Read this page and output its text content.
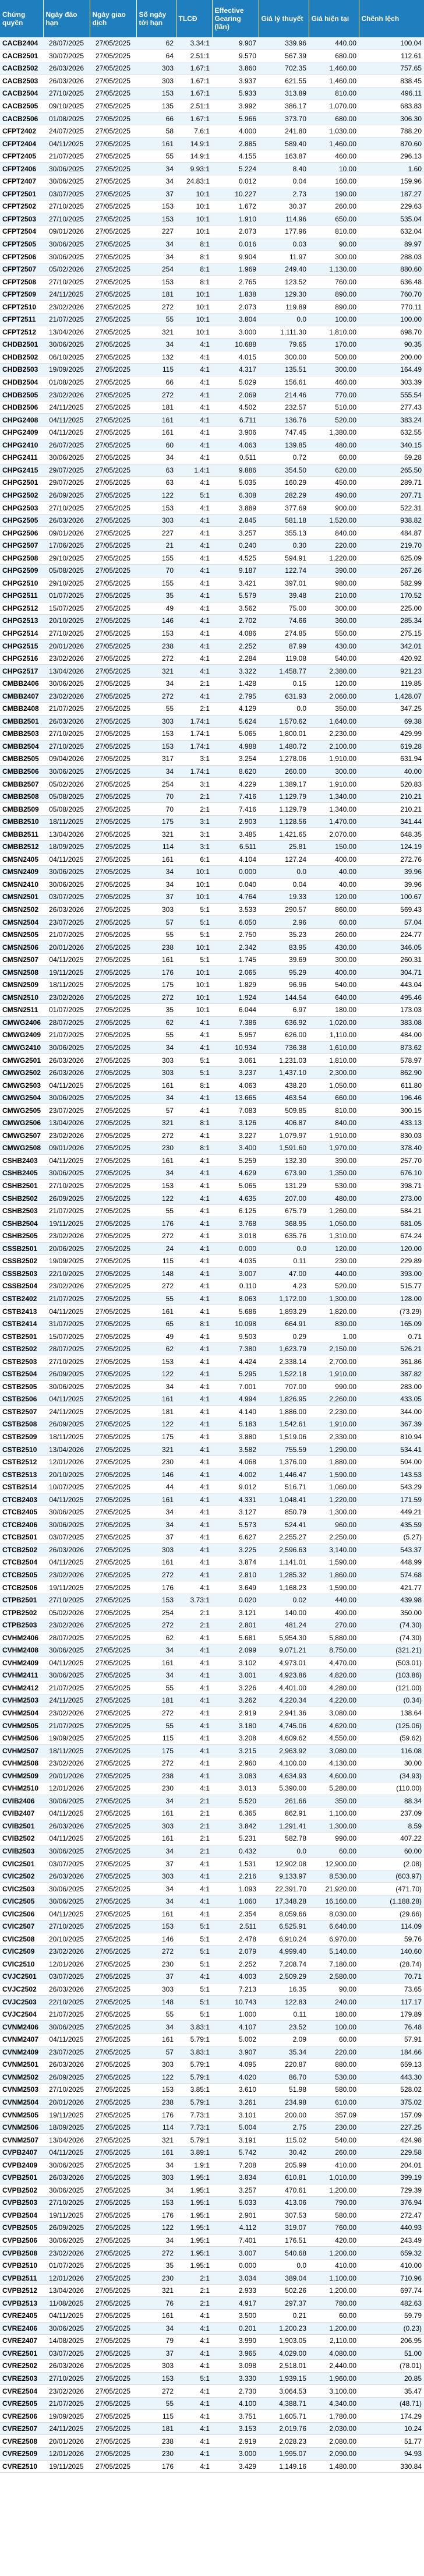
Chứng quyền	Ngày đáo hạn	Ngày giao dịch	Số ngày tới hạn	TLCĐ	Effective Gearing (lần)	Giá lý thuyết	Giá hiện tại	Chênh lệch
CACB2404	28/07/2025	27/05/2025	62	3.34:1	9.907	339.96	440.00	100.04
CACB2501	30/07/2025	27/05/2025	64	2.51:1	9.570	567.39	680.00	112.61
CACB2502	26/03/2026	27/05/2025	303	1.67:1	3.860	702.35	1,460.00	757.65
CACB2503	26/03/2026	27/05/2025	303	1.67:1	3.937	621.55	1,460.00	838.45
CACB2504	27/10/2025	27/05/2025	153	1.67:1	5.933	313.89	810.00	496.11
CACB2505	09/10/2025	27/05/2025	135	2.51:1	3.992	386.17	1,070.00	683.83
CACB2506	01/08/2025	27/05/2025	66	1.67:1	5.966	373.70	680.00	306.30
CFPT2402	24/07/2025	27/05/2025	58	7.6:1	4.000	241.80	1,030.00	788.20
CFPT2404	04/11/2025	27/05/2025	161	14.9:1	2.885	589.40	1,460.00	870.60
CFPT2405	21/07/2025	27/05/2025	55	14.9:1	4.155	163.87	460.00	296.13
CFPT2406	30/06/2025	27/05/2025	34	9.93:1	5.224	8.40	10.00	1.60
CFPT2407	30/06/2025	27/05/2025	34	24.83:1	0.012	0.04	160.00	159.96
CFPT2501	03/07/2025	27/05/2025	37	10:1	10.227	2.73	190.00	187.27
CFPT2502	27/10/2025	27/05/2025	153	10:1	1.672	30.37	260.00	229.63
CFPT2503	27/10/2025	27/05/2025	153	10:1	1.910	114.96	650.00	535.04
CFPT2504	09/01/2026	27/05/2025	227	10:1	2.073	177.96	810.00	632.04
CFPT2505	30/06/2025	27/05/2025	34	8:1	0.016	0.03	90.00	89.97
CFPT2506	30/06/2025	27/05/2025	34	8:1	9.904	11.97	300.00	288.03
CFPT2507	05/02/2026	27/05/2025	254	8:1	1.969	249.40	1,130.00	880.60
CFPT2508	27/10/2025	27/05/2025	153	8:1	2.765	123.52	760.00	636.48
CFPT2509	24/11/2025	27/05/2025	181	10:1	1.838	129.30	890.00	760.70
CFPT2510	23/02/2026	27/05/2025	272	10:1	2.073	119.89	890.00	770.11
CFPT2511	21/07/2025	27/05/2025	55	10:1	3.804	0.0	100.00	100.00
CFPT2512	13/04/2026	27/05/2025	321	10:1	3.000	1,111.30	1,810.00	698.70
CHDB2501	30/06/2025	27/05/2025	34	4:1	10.688	79.65	170.00	90.35
CHDB2502	06/10/2025	27/05/2025	132	4:1	4.015	300.00	500.00	200.00
CHDB2503	19/09/2025	27/05/2025	115	4:1	4.317	135.51	300.00	164.49
CHDB2504	01/08/2025	27/05/2025	66	4:1	5.029	156.61	460.00	303.39
CHDB2505	23/02/2026	27/05/2025	272	4:1	2.069	214.46	770.00	555.54
CHDB2506	24/11/2025	27/05/2025	181	4:1	4.502	232.57	510.00	277.43
CHPG2408	04/11/2025	27/05/2025	161	4:1	6.711	136.76	520.00	383.24
CHPG2409	04/11/2025	27/05/2025	161	4:1	3.906	747.45	1,380.00	632.55
CHPG2410	26/07/2025	27/05/2025	60	4:1	4.063	139.85	480.00	340.15
CHPG2411	30/06/2025	27/05/2025	34	4:1	0.511	0.72	60.00	59.28
CHPG2415	29/07/2025	27/05/2025	63	1.4:1	9.886	354.50	620.00	265.50
CHPG2501	29/07/2025	27/05/2025	63	4:1	5.035	160.29	450.00	289.71
CHPG2502	26/09/2025	27/05/2025	122	5:1	6.308	282.29	490.00	207.71
CHPG2503	27/10/2025	27/05/2025	153	4:1	3.889	377.69	900.00	522.31
CHPG2505	26/03/2026	27/05/2025	303	4:1	2.845	581.18	1,520.00	938.82
CHPG2506	09/01/2026	27/05/2025	227	4:1	3.257	355.13	840.00	484.87
CHPG2507	17/06/2025	27/05/2025	21	4:1	0.240	0.30	220.00	219.70
CHPG2508	29/10/2025	27/05/2025	155	4:1	4.525	594.91	1,220.00	625.09
CHPG2509	05/08/2025	27/05/2025	70	4:1	9.187	122.74	390.00	267.26
CHPG2510	29/10/2025	27/05/2025	155	4:1	3.421	397.01	980.00	582.99
CHPG2511	01/07/2025	27/05/2025	35	4:1	5.579	39.48	210.00	170.52
CHPG2512	15/07/2025	27/05/2025	49	4:1	3.562	75.00	300.00	225.00
CHPG2513	20/10/2025	27/05/2025	146	4:1	2.702	74.66	360.00	285.34
CHPG2514	27/10/2025	27/05/2025	153	4:1	4.086	274.85	550.00	275.15
CHPG2515	20/01/2026	27/05/2025	238	4:1	2.252	87.99	430.00	342.01
CHPG2516	23/02/2026	27/05/2025	272	4:1	2.284	119.08	540.00	420.92
CHPG2517	13/04/2026	27/05/2025	321	4:1	3.322	1,458.77	2,380.00	921.23
CMBB2406	30/06/2025	27/05/2025	34	2:1	1.428	0.15	120.00	119.85
CMBB2407	23/02/2026	27/05/2025	272	4:1	2.795	631.93	2,060.00	1,428.07
CMBB2408	21/07/2025	27/05/2025	55	2:1	4.129	0.0	350.00	347.25
CMBB2501	26/03/2026	27/05/2025	303	1.74:1	5.624	1,570.62	1,640.00	69.38
CMBB2503	27/10/2025	27/05/2025	153	1.74:1	5.065	1,800.01	2,230.00	429.99
CMBB2504	27/10/2025	27/05/2025	153	1.74:1	4.988	1,480.72	2,100.00	619.28
CMBB2505	09/04/2026	27/05/2025	317	3:1	3.254	1,278.06	1,910.00	631.94
CMBB2506	30/06/2025	27/05/2025	34	1.74:1	8.620	260.00	300.00	40.00
CMBB2507	05/02/2026	27/05/2025	254	3:1	4.229	1,389.17	1,910.00	520.83
CMBB2508	05/08/2025	27/05/2025	70	2:1	7.416	1,129.79	1,340.00	210.21
CMBB2509	05/08/2025	27/05/2025	70	2:1	7.416	1,129.79	1,340.00	210.21
CMBB2510	18/11/2025	27/05/2025	175	3:1	2.903	1,128.56	1,470.00	341.44
CMBB2511	13/04/2026	27/05/2025	321	3:1	3.485	1,421.65	2,070.00	648.35
CMBB2512	18/09/2025	27/05/2025	114	3:1	6.511	25.81	150.00	124.19
CMSN2405	04/11/2025	27/05/2025	161	6:1	4.104	127.24	400.00	272.76
CMSN2409	30/06/2025	27/05/2025	34	10:1	0.000	0.0	40.00	39.96
CMSN2410	30/06/2025	27/05/2025	34	10:1	0.040	0.04	40.00	39.96
CMSN2501	03/07/2025	27/05/2025	37	10:1	4.764	19.33	120.00	100.67
CMSN2502	26/03/2026	27/05/2025	303	5:1	3.533	290.57	860.00	569.43
CMSN2504	23/07/2025	27/05/2025	57	5:1	6.050	2.96	60.00	57.04
CMSN2505	21/07/2025	27/05/2025	55	5:1	2.750	35.23	260.00	224.77
CMSN2506	20/01/2026	27/05/2025	238	10:1	2.342	83.95	430.00	346.05
CMSN2507	04/11/2025	27/05/2025	161	5:1	1.745	39.69	300.00	260.31
CMSN2508	19/11/2025	27/05/2025	176	10:1	2.065	95.29	400.00	304.71
CMSN2509	18/11/2025	27/05/2025	175	10:1	1.829	96.96	540.00	443.04
CMSN2510	23/02/2026	27/05/2025	272	10:1	1.924	144.54	640.00	495.46
CMSN2511	01/07/2025	27/05/2025	35	10:1	6.044	6.97	180.00	173.03
CMWG2406	28/07/2025	27/05/2025	62	4:1	7.386	636.92	1,020.00	383.08
CMWG2409	21/07/2025	27/05/2025	55	4:1	5.957	626.00	1,110.00	484.00
CMWG2410	30/06/2025	27/05/2025	34	4:1	10.934	736.38	1,610.00	873.62
CMWG2501	26/03/2026	27/05/2025	303	5:1	3.061	1,231.03	1,810.00	578.97
CMWG2502	26/03/2026	27/05/2025	303	5:1	3.237	1,437.10	2,300.00	862.90
CMWG2503	04/11/2025	27/05/2025	161	8:1	4.063	438.20	1,050.00	611.80
CMWG2504	30/06/2025	27/05/2025	34	4:1	13.665	463.54	660.00	196.46
CMWG2505	23/07/2025	27/05/2025	57	4:1	7.083	509.85	810.00	300.15
CMWG2506	13/04/2026	27/05/2025	321	8:1	3.126	406.87	840.00	433.13
CMWG2507	23/02/2026	27/05/2025	272	4:1	3.227	1,079.97	1,910.00	830.03
CMWG2508	09/01/2026	27/05/2025	230	8:1	3.400	1,591.60	1,970.00	378.40
CSHB2403	04/11/2025	27/05/2025	161	4:1	5.259	132.30	390.00	257.70
CSHB2405	30/06/2025	27/05/2025	34	4:1	4.629	673.90	1,350.00	676.10
CSHB2501	27/10/2025	27/05/2025	153	4:1	5.065	131.29	530.00	398.71
CSHB2502	26/09/2025	27/05/2025	122	4:1	4.635	207.00	480.00	273.00
CSHB2503	21/07/2025	27/05/2025	55	4:1	6.125	675.79	1,260.00	584.21
CSHB2504	19/11/2025	27/05/2025	176	4:1	3.768	368.95	1,050.00	681.05
CSHB2505	23/02/2026	27/05/2025	272	4:1	3.018	635.76	1,310.00	674.24
CSSB2501	20/06/2025	27/05/2025	24	4:1	0.000	0.0	120.00	120.00
CSSB2502	19/09/2025	27/05/2025	115	4:1	4.035	0.11	230.00	229.89
CSSB2503	22/10/2025	27/05/2025	148	4:1	3.007	47.00	440.00	393.00
CSSB2504	23/02/2026	27/05/2025	272	4:1	0.110	4.23	520.00	515.77
CSTB2402	21/07/2025	27/05/2025	55	4:1	8.063	1,172.00	1,300.00	128.00
CSTB2413	04/11/2025	27/05/2025	161	4:1	5.686	1,893.29	1,820.00	(73.29)
CSTB2414	31/07/2025	27/05/2025	65	8:1	10.098	664.91	830.00	165.09
CSTB2501	15/07/2025	27/05/2025	49	4:1	9.503	0.29	1.00	0.71
CSTB2502	28/07/2025	27/05/2025	62	4:1	7.380	1,623.79	2,150.00	526.21
CSTB2503	27/10/2025	27/05/2025	153	4:1	4.424	2,338.14	2,700.00	361.86
CSTB2504	26/09/2025	27/05/2025	122	4:1	5.295	1,522.18	1,910.00	387.82
CSTB2505	30/06/2025	27/05/2025	34	4:1	7.001	707.00	990.00	283.00
CSTB2506	04/11/2025	27/05/2025	161	4:1	4.994	1,826.95	2,260.00	433.05
CSTB2507	24/11/2025	27/05/2025	181	4:1	4.140	1,886.00	2,230.00	344.00
CSTB2508	26/09/2025	27/05/2025	122	4:1	5.183	1,542.61	1,910.00	367.39
CSTB2509	18/11/2025	27/05/2025	175	4:1	3.880	1,519.06	2,330.00	810.94
CSTB2510	13/04/2026	27/05/2025	321	4:1	3.582	755.59	1,290.00	534.41
CSTB2512	12/01/2026	27/05/2025	230	4:1	4.068	1,376.00	1,880.00	504.00
CSTB2513	20/10/2025	27/05/2025	146	4:1	4.002	1,446.47	1,590.00	143.53
CSTB2514	10/07/2025	27/05/2025	44	4:1	9.012	516.71	1,060.00	543.29
CTCB2403	04/11/2025	27/05/2025	161	4:1	4.331	1,048.41	1,220.00	171.59
CTCB2405	30/06/2025	27/05/2025	34	4:1	3.127	850.79	1,300.00	449.21
CTCB2406	30/06/2025	27/05/2025	34	4:1	5.573	524.41	960.00	435.59
CTCB2501	03/07/2025	27/05/2025	37	4:1	6.627	2,255.27	2,250.00	(5.27)
CTCB2502	26/03/2026	27/05/2025	303	4:1	3.225	2,596.63	3,140.00	543.37
CTCB2504	04/11/2025	27/05/2025	161	4:1	3.874	1,141.01	1,590.00	448.99
CTCB2505	23/02/2026	27/05/2025	272	4:1	2.810	1,285.32	1,860.00	574.68
CTCB2506	19/11/2025	27/05/2025	176	4:1	3.649	1,168.23	1,590.00	421.77
CTPB2501	27/10/2025	27/05/2025	153	3.73:1	0.020	0.02	440.00	439.98
CTPB2502	05/02/2026	27/05/2025	254	2:1	3.121	140.00	490.00	350.00
CTPB2503	23/02/2026	27/05/2025	272	2:1	2.801	481.24	270.00	(74.30)
CVHM2406	28/07/2025	27/05/2025	62	4:1	5.681	5,954.30	5,880.00	(74.30)
CVHM2408	30/06/2025	27/05/2025	34	4:1	2.099	9,071.21	8,750.00	(321.21)
CVHM2409	04/11/2025	27/05/2025	161	4:1	3.102	4,973.01	4,470.00	(503.01)
CVHM2411	30/06/2025	27/05/2025	34	4:1	3.001	4,923.86	4,820.00	(103.86)
CVHM2412	21/07/2025	27/05/2025	55	4:1	3.226	4,401.00	4,280.00	(121.00)
CVHM2503	24/11/2025	27/05/2025	181	4:1	3.262	4,220.34	4,220.00	(0.34)
CVHM2504	23/02/2026	27/05/2025	272	4:1	2.919	2,941.36	3,080.00	138.64
CVHM2505	21/07/2025	27/05/2025	55	4:1	3.180	4,745.06	4,620.00	(125.06)
CVHM2506	19/09/2025	27/05/2025	115	4:1	3.208	4,609.62	4,550.00	(59.62)
CVHM2507	18/11/2025	27/05/2025	175	4:1	3.215	2,963.92	3,080.00	116.08
CVHM2508	23/02/2026	27/05/2025	272	4:1	2.960	4,100.00	4,130.00	30.00
CVHM2509	20/01/2026	27/05/2025	238	4:1	3.083	4,634.93	4,600.00	(34.93)
CVHM2510	12/01/2026	27/05/2025	230	4:1	3.013	5,390.00	5,280.00	(110.00)
CVIB2406	30/06/2025	27/05/2025	34	2:1	5.520	261.66	350.00	88.34
CVIB2407	04/11/2025	27/05/2025	161	2:1	6.365	862.91	1,100.00	237.09
CVIB2501	26/03/2026	27/05/2025	303	2:1	3.842	1,291.41	1,300.00	8.59
CVIB2502	04/11/2025	27/05/2025	161	2:1	5.231	582.78	990.00	407.22
CVIB2503	30/06/2025	27/05/2025	34	2:1	0.432	0.0	60.00	60.00
CVIC2501	03/07/2025	27/05/2025	37	4:1	1.531	12,902.08	12,900.00	(2.08)
CVIC2502	26/03/2026	27/05/2025	303	4:1	2.216	9,133.97	8,530.00	(603.97)
CVIC2503	30/06/2025	27/05/2025	34	4:1	1.093	22,391.70	21,920.00	(471.70)
CVIC2505	30/06/2025	27/05/2025	34	4:1	1.060	17,348.28	16,160.00	(1,188.28)
CVIC2506	04/11/2025	27/05/2025	161	4:1	2.354	8,059.66	8,030.00	(29.66)
CVIC2507	27/10/2025	27/05/2025	153	5:1	2.511	6,525.91	6,640.00	114.09
CVIC2508	20/10/2025	27/05/2025	146	5:1	2.478	6,910.24	6,970.00	59.76
CVIC2509	23/02/2026	27/05/2025	272	5:1	2.079	4,999.40	5,140.00	140.60
CVIC2510	12/01/2026	27/05/2025	230	5:1	2.252	7,208.74	7,180.00	(28.74)
CVJC2501	03/07/2025	27/05/2025	37	4:1	4.003	2,509.29	2,580.00	70.71
CVJC2502	26/03/2026	27/05/2025	303	5:1	7.213	16.35	90.00	73.65
CVJC2503	22/10/2025	27/05/2025	148	5:1	10.743	122.83	240.00	117.17
CVJC2504	21/07/2025	27/05/2025	55	5:1	1.000	0.11	180.00	179.89
CVNM2406	30/06/2025	27/05/2025	34	3.83:1	4.107	23.52	100.00	76.48
CVNM2407	04/11/2025	27/05/2025	161	5.79:1	5.002	2.09	60.00	57.91
CVNM2409	23/07/2025	27/05/2025	57	3.83:1	3.907	35.34	220.00	184.66
CVNM2501	26/03/2026	27/05/2025	303	5.79:1	4.095	220.87	880.00	659.13
CVNM2502	26/09/2025	27/05/2025	122	5.79:1	4.020	86.70	530.00	443.30
CVNM2503	27/10/2025	27/05/2025	153	3.85:1	3.610	51.98	580.00	528.02
CVNM2504	20/01/2026	27/05/2025	238	5.79:1	3.261	234.98	610.00	375.02
CVNM2505	19/11/2025	27/05/2025	176	7.73:1	3.101	200.00	357.09	157.09
CVNM2506	18/09/2025	27/05/2025	114	7.73:1	5.004	2.75	230.00	227.25
CVNM2507	13/04/2026	27/05/2025	321	5.79:1	3.191	115.02	540.00	424.98
CVPB2407	04/11/2025	27/05/2025	161	3.89:1	5.742	30.42	260.00	229.58
CVPB2409	30/06/2025	27/05/2025	34	1.9:1	7.208	205.99	410.00	204.01
CVPB2501	26/03/2026	27/05/2025	303	1.95:1	3.834	610.81	1,010.00	399.19
CVPB2502	30/06/2025	27/05/2025	34	1.95:1	3.257	470.61	1,200.00	729.39
CVPB2503	27/10/2025	27/05/2025	153	1.95:1	5.033	413.06	790.00	376.94
CVPB2504	19/11/2025	27/05/2025	176	1.95:1	2.901	307.53	580.00	272.47
CVPB2505	26/09/2025	27/05/2025	122	1.95:1	4.112	319.07	760.00	440.93
CVPB2506	30/06/2025	27/05/2025	34	1.95:1	7.401	176.51	420.00	243.49
CVPB2508	23/02/2026	27/05/2025	272	1.95:1	3.007	540.68	1,200.00	659.32
CVPB2510	01/07/2025	27/05/2025	35	1.95:1	0.000	0.0	410.00	410.00
CVPB2511	12/01/2026	27/05/2025	230	2:1	3.034	389.04	1,100.00	710.96
CVPB2512	13/04/2026	27/05/2025	321	2:1	2.933	502.26	1,200.00	697.74
CVPB2513	11/08/2025	27/05/2025	76	2:1	4.917	297.37	780.00	482.63
CVRE2405	04/11/2025	27/05/2025	161	4:1	3.500	0.21	60.00	59.79
CVRE2406	30/06/2025	27/05/2025	34	4:1	0.201	1,200.23	1,200.00	(0.23)
CVRE2407	14/08/2025	27/05/2025	79	4:1	3.990	1,903.05	2,110.00	206.95
CVRE2501	03/07/2025	27/05/2025	37	4:1	3.965	4,029.00	4,080.00	51.00
CVRE2502	26/03/2026	27/05/2025	303	4:1	3.098	2,518.01	2,440.00	(78.01)
CVRE2503	27/10/2025	27/05/2025	153	5:1	3.330	1,939.15	1,960.00	20.85
CVRE2504	23/02/2026	27/05/2025	272	4:1	2.730	3,064.53	3,100.00	35.47
CVRE2505	21/07/2025	27/05/2025	55	4:1	4.100	4,388.71	4,340.00	(48.71)
CVRE2506	19/09/2025	27/05/2025	115	4:1	3.751	1,605.71	1,780.00	174.29
CVRE2507	24/11/2025	27/05/2025	181	4:1	3.153	2,019.76	2,030.00	10.24
CVRE2508	20/01/2026	27/05/2025	238	4:1	2.919	2,028.23	2,080.00	51.77
CVRE2509	12/01/2026	27/05/2025	230	4:1	3.000	1,995.07	2,090.00	94.93
CVRE2510	19/11/2025	27/05/2025	176	4:1	3.429	1,149.16	1,480.00	330.84
